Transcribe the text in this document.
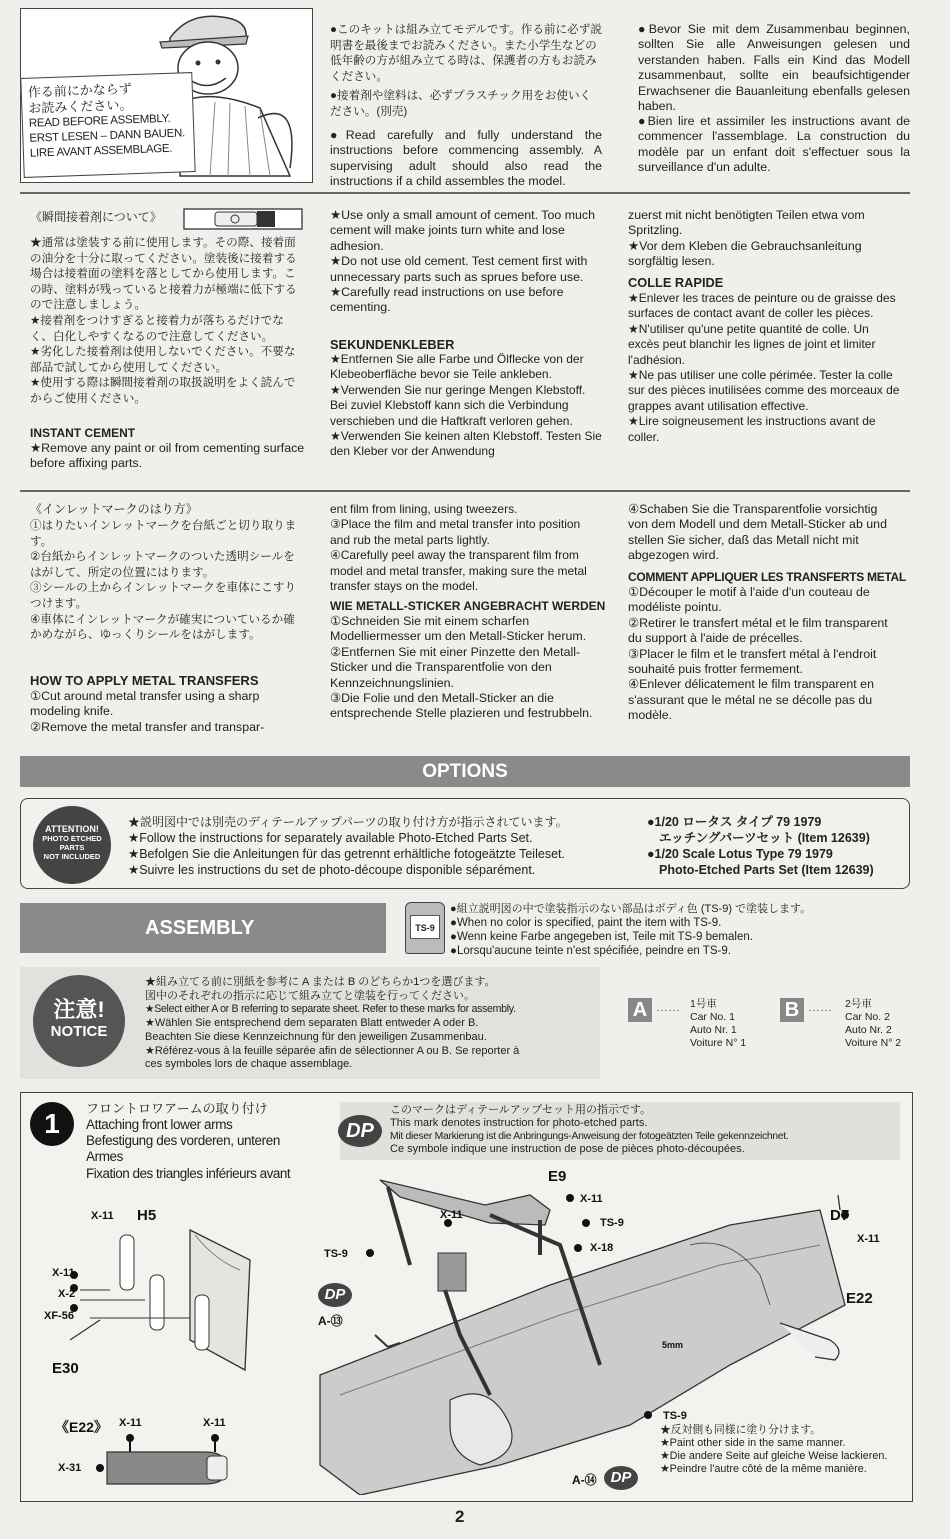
作る前にかならず
お読みください。
READ BEFORE ASSEMBLY.
ERST LESEN – DANN BAUEN.
LIRE AVANT ASSEMBLAGE.
●このキットは組み立てモデルです。作る前に必ず説明書を最後までお読みください。また小学生などの低年齢の方が組み立てる時は、保護者の方もお読みください。
●接着剤や塗料は、必ずプラスチック用をお使いください。(別売)
●Read carefully and fully understand the instructions before commencing assembly. A supervising adult should also read the instructions if a child assembles the model.
●Bevor Sie mit dem Zusammenbau beginnen, sollten Sie alle Anweisungen gelesen und verstanden haben. Falls ein Kind das Modell zusammenbaut, sollte ein beaufsichtigender Erwachsener die Bauanleitung ebenfalls gelesen haben.
●Bien lire et assimiler les instructions avant de commencer l'assemblage. La construction du modèle par un enfant doit s'effectuer sous la surveillance d'un adulte.
《瞬間接着剤について》
★通常は塗装する前に使用します。その際、接着面の油分を十分に取ってください。塗装後に接着する場合は接着面の塗料を落としてから使用します。この時、塗料が残っていると接着力が極端に低下するので注意しましょう。
★接着剤をつけすぎると接着力が落ちるだけでなく、白化しやすくなるので注意してください。
★劣化した接着剤は使用しないでください。不要な部品で試してから使用してください。
★使用する際は瞬間接着剤の取扱説明をよく読んでからご使用ください。
INSTANT CEMENT
★Remove any paint or oil from cementing surface before affixing parts.
★Use only a small amount of cement. Too much cement will make joints turn white and lose adhesion.
★Do not use old cement. Test cement first with unnecessary parts such as sprues before use.
★Carefully read instructions on use before cementing.
SEKUNDENKLEBER
★Entfernen Sie alle Farbe und Ölflecke von der Klebeoberfläche bevor sie Teile ankleben.
★Verwenden Sie nur geringe Mengen Klebstoff. Bei zuviel Klebstoff kann sich die Verbindung verschieben und die Haftkraft verloren gehen.
★Verwenden Sie keinen alten Klebstoff. Testen Sie den Kleber vor der Anwendung
zuerst mit nicht benötigten Teilen etwa vom Spritzling.
★Vor dem Kleben die Gebrauchsanleitung sorgfältig lesen.
COLLE RAPIDE
★Enlever les traces de peinture ou de graisse des surfaces de contact avant de coller les pièces.
★N'utiliser qu'une petite quantité de colle. Un excès peut blanchir les lignes de joint et limiter l'adhésion.
★Ne pas utiliser une colle périmée. Tester la colle sur des pièces inutilisées comme des morceaux de grappes avant utilisation effective.
★Lire soigneusement les instructions avant de coller.
《インレットマークのはり方》
①はりたいインレットマークを台紙ごと切り取ります。
②台紙からインレットマークのついた透明シールをはがして、所定の位置にはります。
③シールの上からインレットマークを車体にこすりつけます。
④車体にインレットマークが確実についているか確かめながら、ゆっくりシールをはがします。
HOW TO APPLY METAL TRANSFERS
①Cut around metal transfer using a sharp modeling knife.
②Remove the metal transfer and transpar-
ent film from lining, using tweezers.
③Place the film and metal transfer into position and rub the metal parts lightly.
④Carefully peel away the transparent film from model and metal transfer, making sure the metal transfer stays on the model.
WIE METALL-STICKER ANGEBRACHT WERDEN
①Schneiden Sie mit einem scharfen Modelliermesser um den Metall-Sticker herum.
②Entfernen Sie mit einer Pinzette den Metall-Sticker und die Transparentfolie von den Kennzeichnungslinien.
③Die Folie und den Metall-Sticker an die entsprechende Stelle plazieren und festrubbeln.
④Schaben Sie die Transparentfolie vorsichtig von dem Modell und dem Metall-Sticker ab und stellen Sie sicher, daß das Metall nicht mit abgezogen wird.
COMMENT APPLIQUER LES TRANSFERTS METAL
①Découper le motif à l'aide d'un couteau de modéliste pointu.
②Retirer le transfert métal et le film transparent du support à l'aide de précelles.
③Placer le film et le transfert métal à l'endroit souhaité puis frotter fermement.
④Enlever délicatement le film transparent en s'assurant que le métal ne se décolle pas du modèle.
OPTIONS
ATTENTION!
PHOTO ETCHED
PARTS
NOT INCLUDED
★説明図中では別売のディテールアップパーツの取り付け方が指示されています。
★Follow the instructions for separately available Photo-Etched Parts Set.
★Befolgen Sie die Anleitungen für das getrennt erhältliche fotogeätzte Teileset.
★Suivre les instructions du set de photo-découpe disponible séparément.
●1/20 ロータス タイプ 79 1979
エッチングパーツセット (Item 12639)
●1/20 Scale Lotus Type 79 1979
Photo-Etched Parts Set (Item 12639)
ASSEMBLY	TS-9
●組立説明図の中で塗装指示のない部品はボディ色 (TS-9) で塗装します。
●When no color is specified, paint the item with TS-9.
●Wenn keine Farbe angegeben ist, Teile mit TS-9 bemalen.
●Lorsqu'aucune teinte n'est spécifiée, peindre en TS-9.
注意!
NOTICE
★組み立てる前に別紙を参考に A または B のどちらか1つを選びます。
図中のそれぞれの指示に応じて組み立てと塗装を行ってください。
★Select either A or B referring to separate sheet. Refer to these marks for assembly.
★Wählen Sie entsprechend dem separaten Blatt entweder A oder B.
Beachten Sie diese Kennzeichnung für den jeweiligen Zusammenbau.
★Référez-vous à la feuille séparée afin de sélectionner A ou B. Se reporter à
ces symboles lors de chaque assemblage.
A …… 1号車
Car No. 1
Auto Nr. 1
Voiture N° 1
B …… 2号車
Car No. 2
Auto Nr. 2
Voiture N° 2
1	フロントロワアームの取り付け
Attaching front lower arms
Befestigung des vorderen, unteren Armes
Fixation des triangles inférieurs avant
DP
このマークはディテールアップセット用の指示です。
This mark denotes instruction for photo-etched parts.
Mit dieser Markierung ist die Anbringungs-Anweisung der fotogeätzten Teile gekennzeichnet.
Ce symbole indique une instruction de pose de pièces photo-découpées.
X-11 H5
X-11
X-2
XF-56
E30
《E22》 X-11	X-11
X-31
E9
X-11
TS-9
X-18
X-11
TS-9
D7
X-11
E22
5mm
DP
A-⑬
A-⑭ DP
TS-9
★反対側も同様に塗り分けます。
★Paint other side in the same manner.
★Die andere Seite auf gleiche Weise lackieren.
★Peindre l'autre côté de la même manière.
2
